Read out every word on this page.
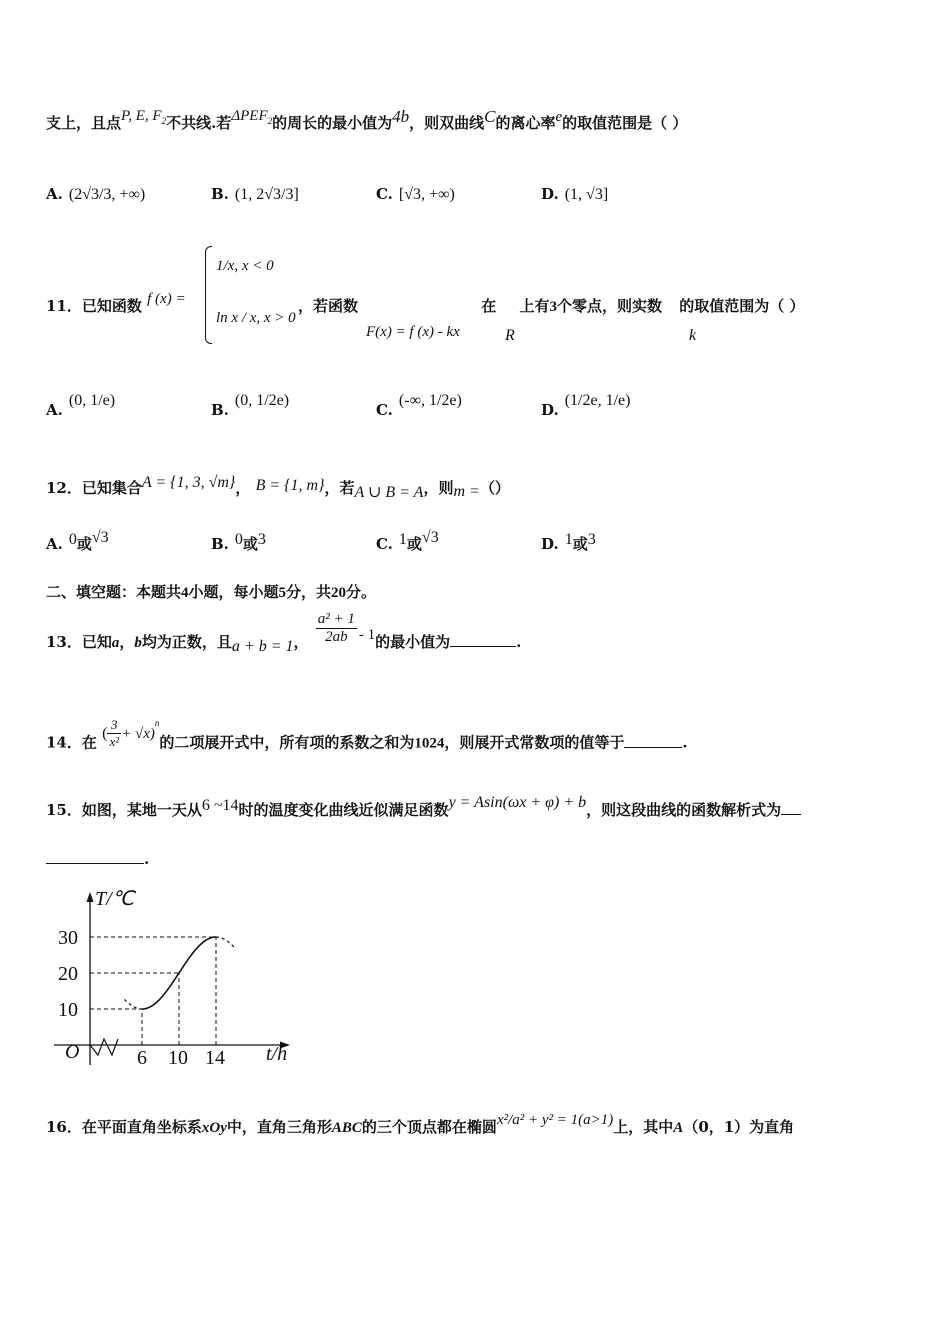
支上，且点P, E, $F_2$不共线.若$\Delta PEF_2$的周长的最小值为4b，则双曲线C的离心率e的取值范围是（ ）
A. (2√3/3, +∞)	B. (1, 2√3/3]	C. [√3, +∞)	D. (1, √3]
11．已知函数 f (x) =
1/x, x < 0
ln x / x, x > 0
，若函数	在 上有3个零点，则实数 的取值范围为（ ）
F(x) = f (x) - kx	R	k
A.(0, 1/e)
B.(0, 1/2e)
C.(-∞, 1/2e)
D.(1/2e, 1/e)
12．已知集合A = {1, 3, √m}， B = {1, m}，若A ∪ B = A，则m =（）
A. 0或√3	B. 0或3	C. 1或√3	D. 1或3
二、填空题：本题共4小题，每小题5分，共20分。
13．已知a，b均为正数，且a + b = 1， $\frac{\text{a² + 1}}{2ab} - 1$的最小值为	.
14．在 ( $\frac{3}{\text{x²}} + √x)^n$的二项展开式中，所有项的系数之和为1024，则展开式常数项的值等于	.
15．如图，某地一天从6 ~14时的温度变化曲线近似满足函数y = Asin(ωx + φ) + b，则这段曲线的函数解析式为
.
T/℃
t/h
O
10
20
30
6 10 14
16．在平面直角坐标系xOy中，直角三角形ABC的三个顶点都在椭圆x²/a² + y² = 1(a>1)上，其中A（0，1）为直角
